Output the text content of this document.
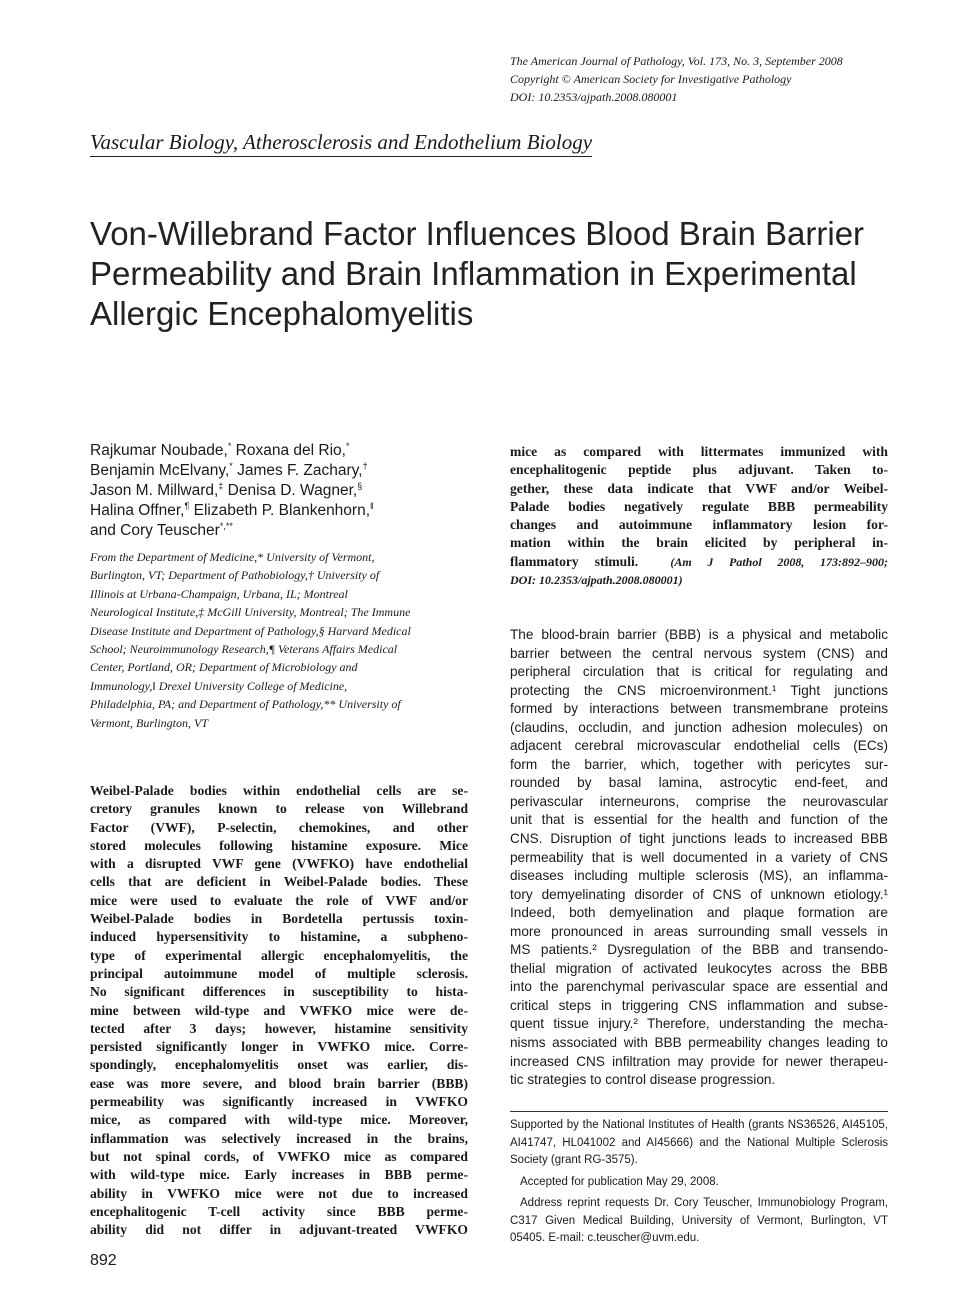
The American Journal of Pathology, Vol. 173, No. 3, September 2008
Copyright © American Society for Investigative Pathology
DOI: 10.2353/ajpath.2008.080001
Vascular Biology, Atherosclerosis and Endothelium Biology
Von-Willebrand Factor Influences Blood Brain Barrier
Permeability and Brain Inflammation in Experimental
Allergic Encephalomyelitis
Rajkumar Noubade,* Roxana del Rio,*
Benjamin McElvany,* James F. Zachary,†
Jason M. Millward,‡ Denisa D. Wagner,§
Halina Offner,¶ Elizabeth P. Blankenhorn,‖
and Cory Teuscher*,**
From the Department of Medicine,* University of Vermont,
Burlington, VT; Department of Pathobiology,† University of
Illinois at Urbana-Champaign, Urbana, IL; Montreal
Neurological Institute,‡ McGill University, Montreal; The Immune
Disease Institute and Department of Pathology,§ Harvard Medical
School; Neuroimmunology Research,¶ Veterans Affairs Medical
Center, Portland, OR; Department of Microbiology and
Immunology,‖ Drexel University College of Medicine,
Philadelphia, PA; and Department of Pathology,** University of
Vermont, Burlington, VT
Weibel-Palade bodies within endothelial cells are se-
cretory granules known to release von Willebrand
Factor (VWF), P-selectin, chemokines, and other
stored molecules following histamine exposure. Mice
with a disrupted VWF gene (VWFKO) have endothelial
cells that are deficient in Weibel-Palade bodies. These
mice were used to evaluate the role of VWF and/or
Weibel-Palade bodies in Bordetella pertussis toxin-
induced hypersensitivity to histamine, a subpheno-
type of experimental allergic encephalomyelitis, the
principal autoimmune model of multiple sclerosis.
No significant differences in susceptibility to hista-
mine between wild-type and VWFKO mice were de-
tected after 3 days; however, histamine sensitivity
persisted significantly longer in VWFKO mice. Corre-
spondingly, encephalomyelitis onset was earlier, dis-
ease was more severe, and blood brain barrier (BBB)
permeability was significantly increased in VWFKO
mice, as compared with wild-type mice. Moreover,
inflammation was selectively increased in the brains,
but not spinal cords, of VWFKO mice as compared
with wild-type mice. Early increases in BBB perme-
ability in VWFKO mice were not due to increased
encephalitogenic T-cell activity since BBB perme-
ability did not differ in adjuvant-treated VWFKO
mice as compared with littermates immunized with
encephalitogenic peptide plus adjuvant. Taken to-
gether, these data indicate that VWF and/or Weibel-
Palade bodies negatively regulate BBB permeability
changes and autoimmune inflammatory lesion for-
mation within the brain elicited by peripheral in-
flammatory stimuli.	(Am J Pathol 2008, 173:892–900;
DOI: 10.2353/ajpath.2008.080001)
The blood-brain barrier (BBB) is a physical and metabolic
barrier between the central nervous system (CNS) and
peripheral circulation that is critical for regulating and
protecting the CNS microenvironment.¹ Tight junctions
formed by interactions between transmembrane proteins
(claudins, occludin, and junction adhesion molecules) on
adjacent cerebral microvascular endothelial cells (ECs)
form the barrier, which, together with pericytes sur-
rounded by basal lamina, astrocytic end-feet, and
perivascular interneurons, comprise the neurovascular
unit that is essential for the health and function of the
CNS. Disruption of tight junctions leads to increased BBB
permeability that is well documented in a variety of CNS
diseases including multiple sclerosis (MS), an inflamma-
tory demyelinating disorder of CNS of unknown etiology.¹
Indeed, both demyelination and plaque formation are
more pronounced in areas surrounding small vessels in
MS patients.² Dysregulation of the BBB and transendo-
thelial migration of activated leukocytes across the BBB
into the parenchymal perivascular space are essential and
critical steps in triggering CNS inflammation and subse-
quent tissue injury.² Therefore, understanding the mecha-
nisms associated with BBB permeability changes leading to
increased CNS infiltration may provide for newer therapeu-
tic strategies to control disease progression.
Supported by the National Institutes of Health (grants NS36526, AI45105,
AI41747, HL041002 and AI45666) and the National Multiple Sclerosis
Society (grant RG-3575).
Accepted for publication May 29, 2008.
Address reprint requests Dr. Cory Teuscher, Immunobiology Program,
C317 Given Medical Building, University of Vermont, Burlington, VT
05405. E-mail: c.teuscher@uvm.edu.
892
